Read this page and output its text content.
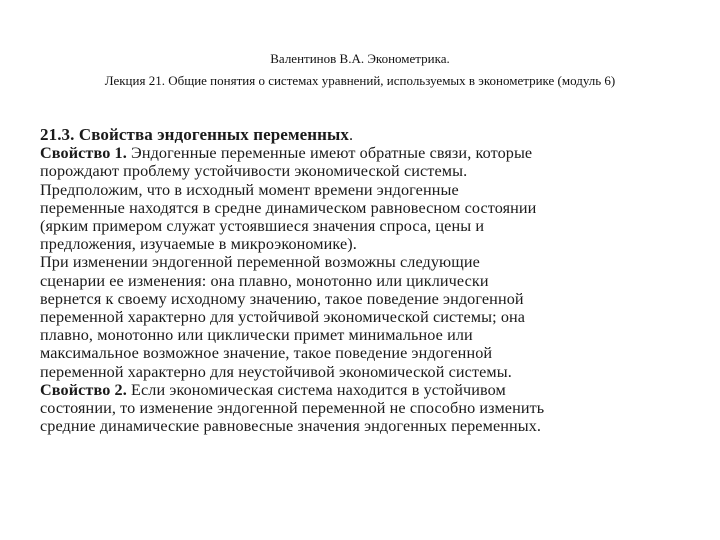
Валентинов В.А. Эконометрика.
Лекция 21. Общие понятия о системах уравнений, используемых в эконометрике (модуль 6)

21.3. Свойства эндогенных переменных.

Свойство 1. Эндогенные переменные имеют обратные связи, которые
порождают проблему устойчивости экономической системы.
Предположим, что в исходный момент времени эндогенные
переменные находятся в средне динамическом равновесном состоянии
(ярким примером служат устоявшиеся значения спроса, цены и
предложения, изучаемые в микроэкономике).

При изменении эндогенной переменной возможны следующие
сценарии ее изменения: она плавно, монотонно или циклически
вернется к своему исходному значению, такое поведение эндогенной
переменной характерно для устойчивой экономической системы; она
плавно, монотонно или циклически примет минимальное или
максимальное возможное значение, такое поведение эндогенной
переменной характерно для неустойчивой экономической системы.

Свойство 2. Если экономическая система находится в устойчивом
состоянии, то изменение эндогенной переменной не способно изменить
средние динамические равновесные значения эндогенных переменных.
